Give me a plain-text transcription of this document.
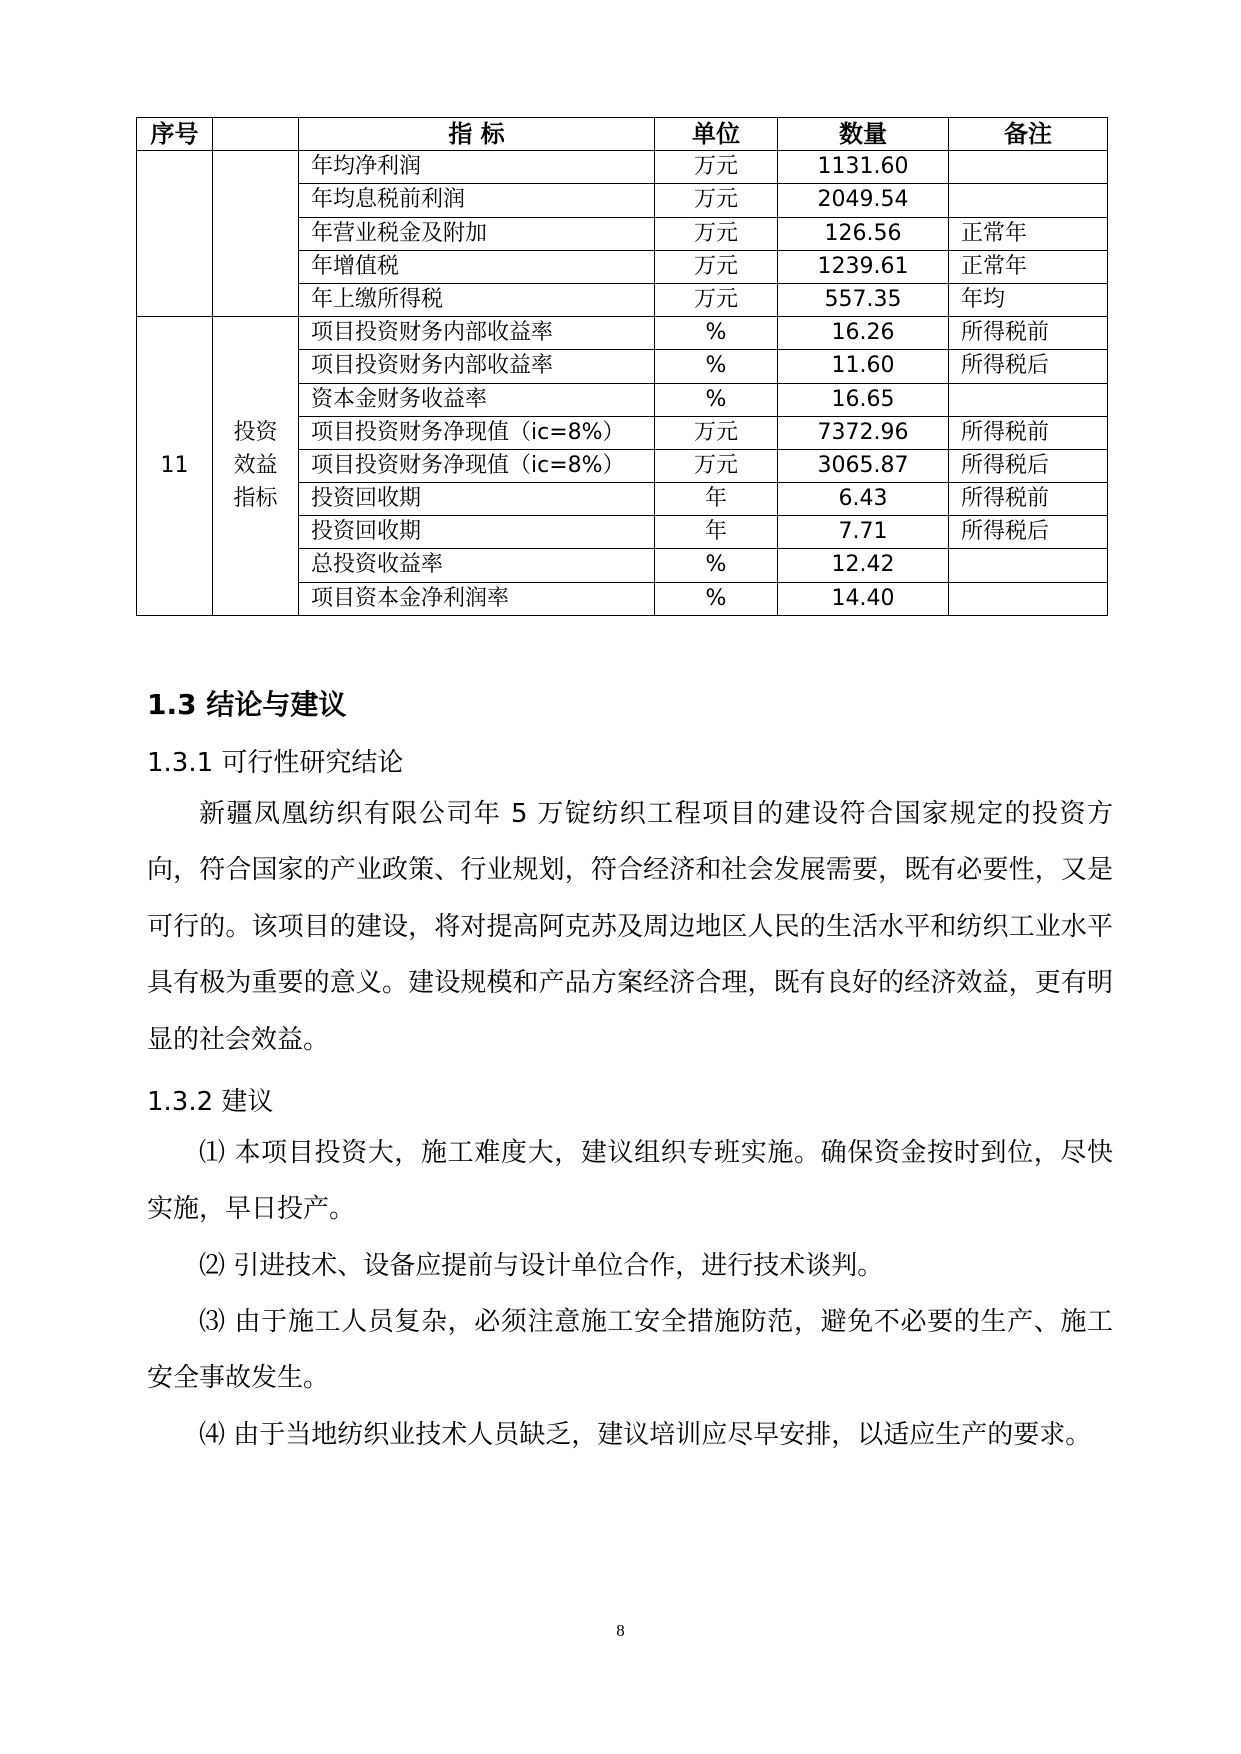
序号		指 标	单位	数量	备注
		年均净利润	万元	1131.60	
		年均息税前利润	万元	2049.54	
		年营业税金及附加	万元	126.56	正常年
		年增值税	万元	1239.61	正常年
		年上缴所得税	万元	557.35	年均
11	投资效益指标	项目投资财务内部收益率	%	16.26	所得税前
		项目投资财务内部收益率	%	11.60	所得税后
		资本金财务收益率	%	16.65	
		项目投资财务净现值（ic=8%）	万元	7372.96	所得税前
		项目投资财务净现值（ic=8%）	万元	3065.87	所得税后
		投资回收期	年	6.43	所得税前
		投资回收期	年	7.71	所得税后
		总投资收益率	%	12.42	
		项目资本金净利润率	%	14.40	
1.3 结论与建议
1.3.1 可行性研究结论

新疆凤凰纺织有限公司年 5 万锭纺织工程项目的建设符合国家规定的投资方向，符合国家的产业政策、行业规划，符合经济和社会发展需要，既有必要性，又是可行的。该项目的建设，将对提高阿克苏及周边地区人民的生活水平和纺织工业水平具有极为重要的意义。建设规模和产品方案经济合理，既有良好的经济效益，更有明显的社会效益。

1.3.2 建议

⑴ 本项目投资大，施工难度大，建议组织专班实施。确保资金按时到位，尽快实施，早日投产。

⑵ 引进技术、设备应提前与设计单位合作，进行技术谈判。

⑶ 由于施工人员复杂，必须注意施工安全措施防范，避免不必要的生产、施工安全事故发生。

⑷ 由于当地纺织业技术人员缺乏，建议培训应尽早安排，以适应生产的要求。

8
